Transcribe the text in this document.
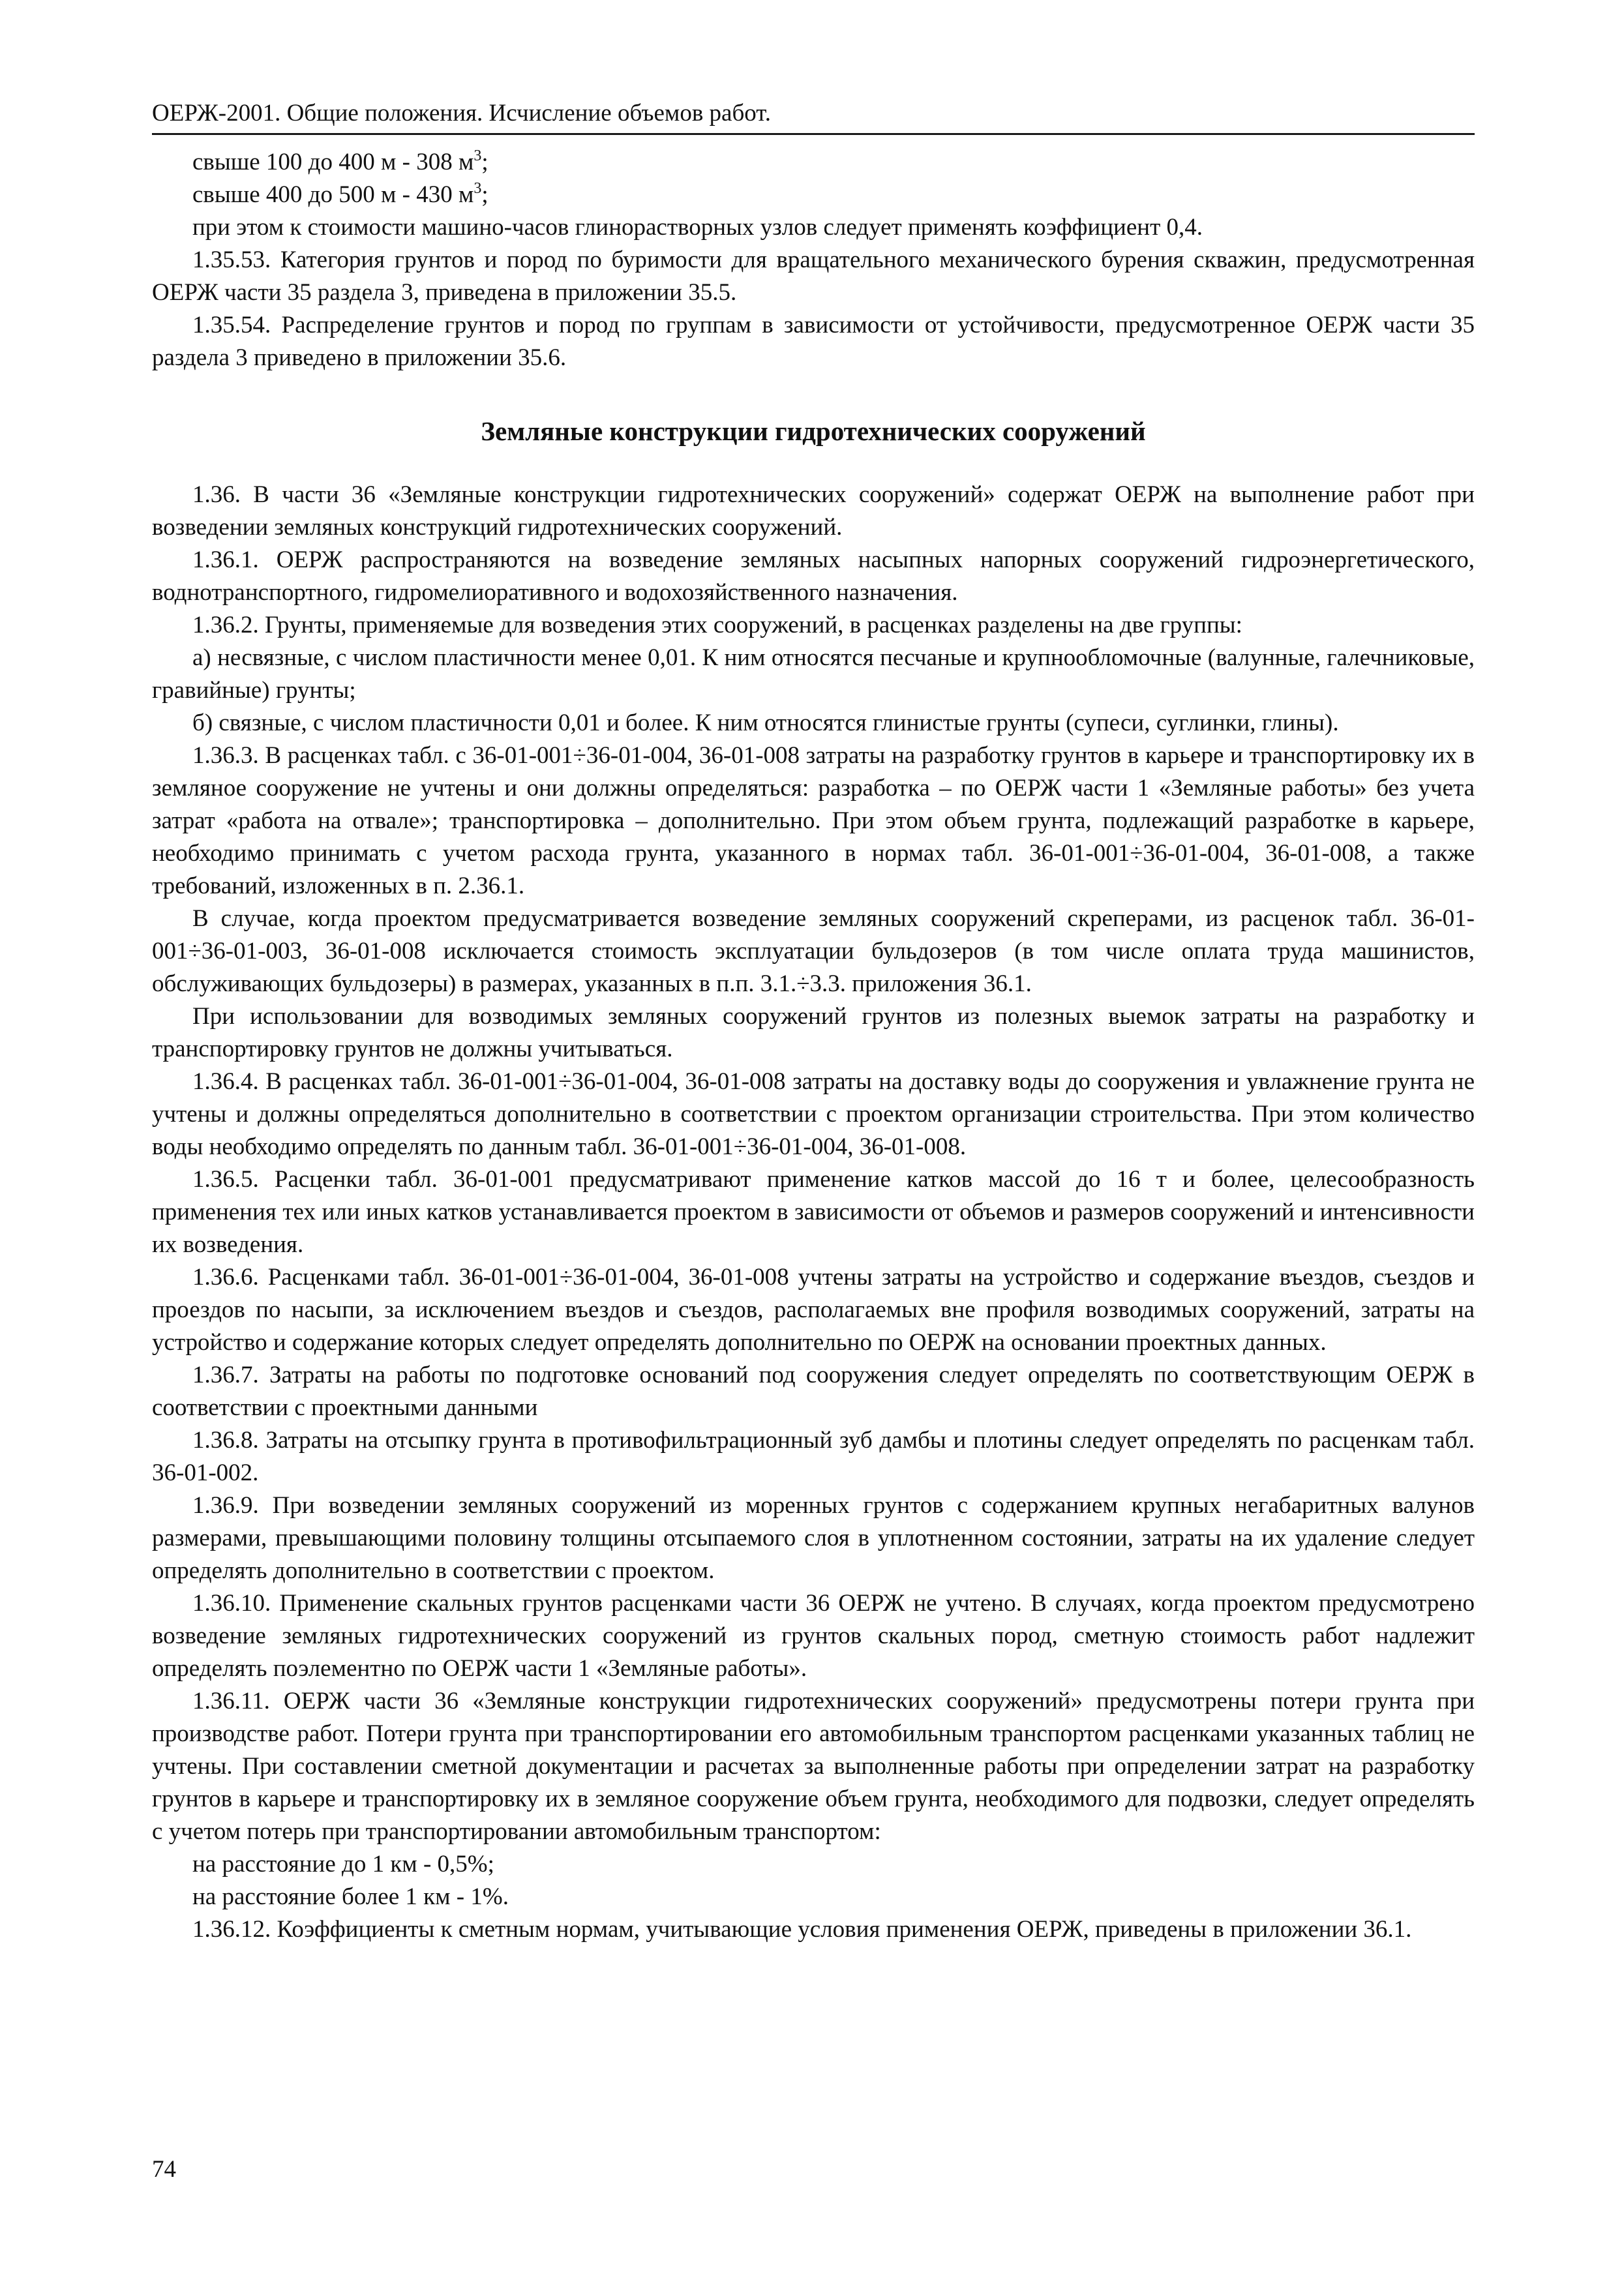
ОЕРЖ-2001. Общие положения. Исчисление объемов работ.

свыше 100 до 400 м - 308 $м^3$;

свыше 400 до 500 м - 430 $м^3$;

при этом к стоимости машино-часов глинорастворных узлов следует применять коэффициент 0,4.

1.35.53. Категория грунтов и пород по буримости для вращательного механического бурения скважин, предусмотренная ОЕРЖ части 35 раздела 3, приведена в приложении 35.5.

1.35.54. Распределение грунтов и пород по группам в зависимости от устойчивости, предусмотренное ОЕРЖ части 35 раздела 3 приведено в приложении 35.6.

Земляные конструкции гидротехнических сооружений

1.36. В части 36 «Земляные конструкции гидротехнических сооружений» содержат ОЕРЖ на выполнение работ при возведении земляных конструкций гидротехнических сооружений.

1.36.1. ОЕРЖ распространяются на возведение земляных насыпных напорных сооружений гидроэнергетического, воднотранспортного, гидромелиоративного и водохозяйственного назначения.

1.36.2. Грунты, применяемые для возведения этих сооружений, в расценках разделены на две группы:

а) несвязные, с числом пластичности менее 0,01. К ним относятся песчаные и крупнообломочные (валунные, галечниковые, гравийные) грунты;

б) связные, с числом пластичности 0,01 и более. К ним относятся глинистые грунты (супеси, суглинки, глины).

1.36.3. В расценках табл. с 36-01-001÷36-01-004, 36-01-008 затраты на разработку грунтов в карьере и транспортировку их в земляное сооружение не учтены и они должны определяться: разработка – по ОЕРЖ части 1 «Земляные работы» без учета затрат «работа на отвале»; транспортировка – дополнительно. При этом объем грунта, подлежащий разработке в карьере, необходимо принимать с учетом расхода грунта, указанного в нормах табл. 36-01-001÷36-01-004, 36-01-008, а также требований, изложенных в п. 2.36.1.

В случае, когда проектом предусматривается возведение земляных сооружений скреперами, из расценок табл. 36-01-001÷36-01-003, 36-01-008 исключается стоимость эксплуатации бульдозеров (в том числе оплата труда машинистов, обслуживающих бульдозеры) в размерах, указанных в п.п. 3.1.÷3.3. приложения 36.1.

При использовании для возводимых земляных сооружений грунтов из полезных выемок затраты на разработку и транспортировку грунтов не должны учитываться.

1.36.4. В расценках табл. 36-01-001÷36-01-004, 36-01-008 затраты на доставку воды до сооружения и увлажнение грунта не учтены и должны определяться дополнительно в соответствии с проектом организации строительства. При этом количество воды необходимо определять по данным табл. 36-01-001÷36-01-004, 36-01-008.

1.36.5. Расценки табл. 36-01-001 предусматривают применение катков массой до 16 т и более, целесообразность применения тех или иных катков устанавливается проектом в зависимости от объемов и размеров сооружений и интенсивности их возведения.

1.36.6. Расценками табл. 36-01-001÷36-01-004, 36-01-008 учтены затраты на устройство и содержание въездов, съездов и проездов по насыпи, за исключением въездов и съездов, располагаемых вне профиля возводимых сооружений, затраты на устройство и содержание которых следует определять дополнительно по ОЕРЖ на основании проектных данных.

1.36.7. Затраты на работы по подготовке оснований под сооружения следует определять по соответствующим ОЕРЖ в соответствии с проектными данными

1.36.8. Затраты на отсыпку грунта в противофильтрационный зуб дамбы и плотины следует определять по расценкам табл. 36-01-002.

1.36.9. При возведении земляных сооружений из моренных грунтов с содержанием крупных негабаритных валунов размерами, превышающими половину толщины отсыпаемого слоя в уплотненном состоянии, затраты на их удаление следует определять дополнительно в соответствии с проектом.

1.36.10. Применение скальных грунтов расценками части 36 ОЕРЖ не учтено. В случаях, когда проектом предусмотрено возведение земляных гидротехнических сооружений из грунтов скальных пород, сметную стоимость работ надлежит определять поэлементно по ОЕРЖ части 1 «Земляные работы».

1.36.11. ОЕРЖ части 36 «Земляные конструкции гидротехнических сооружений» предусмотрены потери грунта при производстве работ. Потери грунта при транспортировании его автомобильным транспортом расценками указанных таблиц не учтены. При составлении сметной документации и расчетах за выполненные работы при определении затрат на разработку грунтов в карьере и транспортировку их в земляное сооружение объем грунта, необходимого для подвозки, следует определять с учетом потерь при транспортировании автомобильным транспортом:

на расстояние до 1 км - 0,5%;

на расстояние более 1 км - 1%.

1.36.12. Коэффициенты к сметным нормам, учитывающие условия применения ОЕРЖ, приведены в приложении 36.1.

74
